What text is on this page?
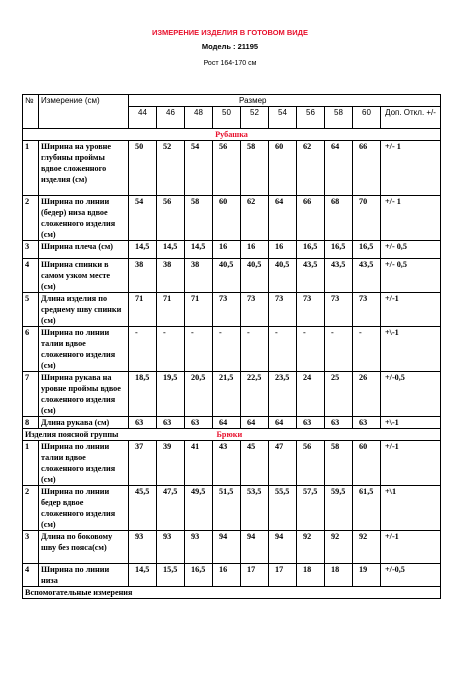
ИЗМЕРЕНИЕ ИЗДЕЛИЯ В ГОТОВОМ ВИДЕ
Модель : 21195
Рост 164-170 см
№	Измерение (см)	Размер									
		44	46	48	50	52	54	56	58	60	Доп. Откл. +/-
Рубашка											
1	Ширина на уровне глубины проймы вдвое сложенного изделия (см)	50	52	54	56	58	60	62	64	66	+/- 1
2	Ширина по линии (бедер) низа вдвое сложенного изделия (см)	54	56	58	60	62	64	66	68	70	+/- 1
3	Ширина плеча (см)	14,5	14,5	14,5	16	16	16	16,5	16,5	16,5	+/- 0,5
4	Ширина спинки в самом узком месте (см)	38	38	38	40,5	40,5	40,5	43,5	43,5	43,5	+/- 0,5
5	Длина изделия по среднему шву спинки (см)	71	71	71	73	73	73	73	73	73	+/-1
6	Ширина по линии талии вдвое сложенного изделия (см)	-	-	-	-	-	-	-	-	-	+\-1
7	Ширина рукава на уровне проймы вдвое сложенного изделия (см)	18,5	19,5	20,5	21,5	22,5	23,5	24	25	26	+/-0,5
8	Длина рукава (см)	63	63	63	64	64	64	63	63	63	+\-1
Изделия поясной группы					Брюки						
1	Ширина по линии талии вдвое сложенного изделия (см)	37	39	41	43	45	47	56	58	60	+/-1
2	Ширина по линии бедер вдвое сложенного изделия (см)	45,5	47,5	49,5	51,5	53,5	55,5	57,5	59,5	61,5	+\1
3	Длина по боковому шву без пояса(см)	93	93	93	94	94	94	92	92	92	+/-1
4	Ширина по линии низа	14,5	15,5	16,5	16	17	17	18	18	19	+/-0,5
Вспомогательные измерения											
